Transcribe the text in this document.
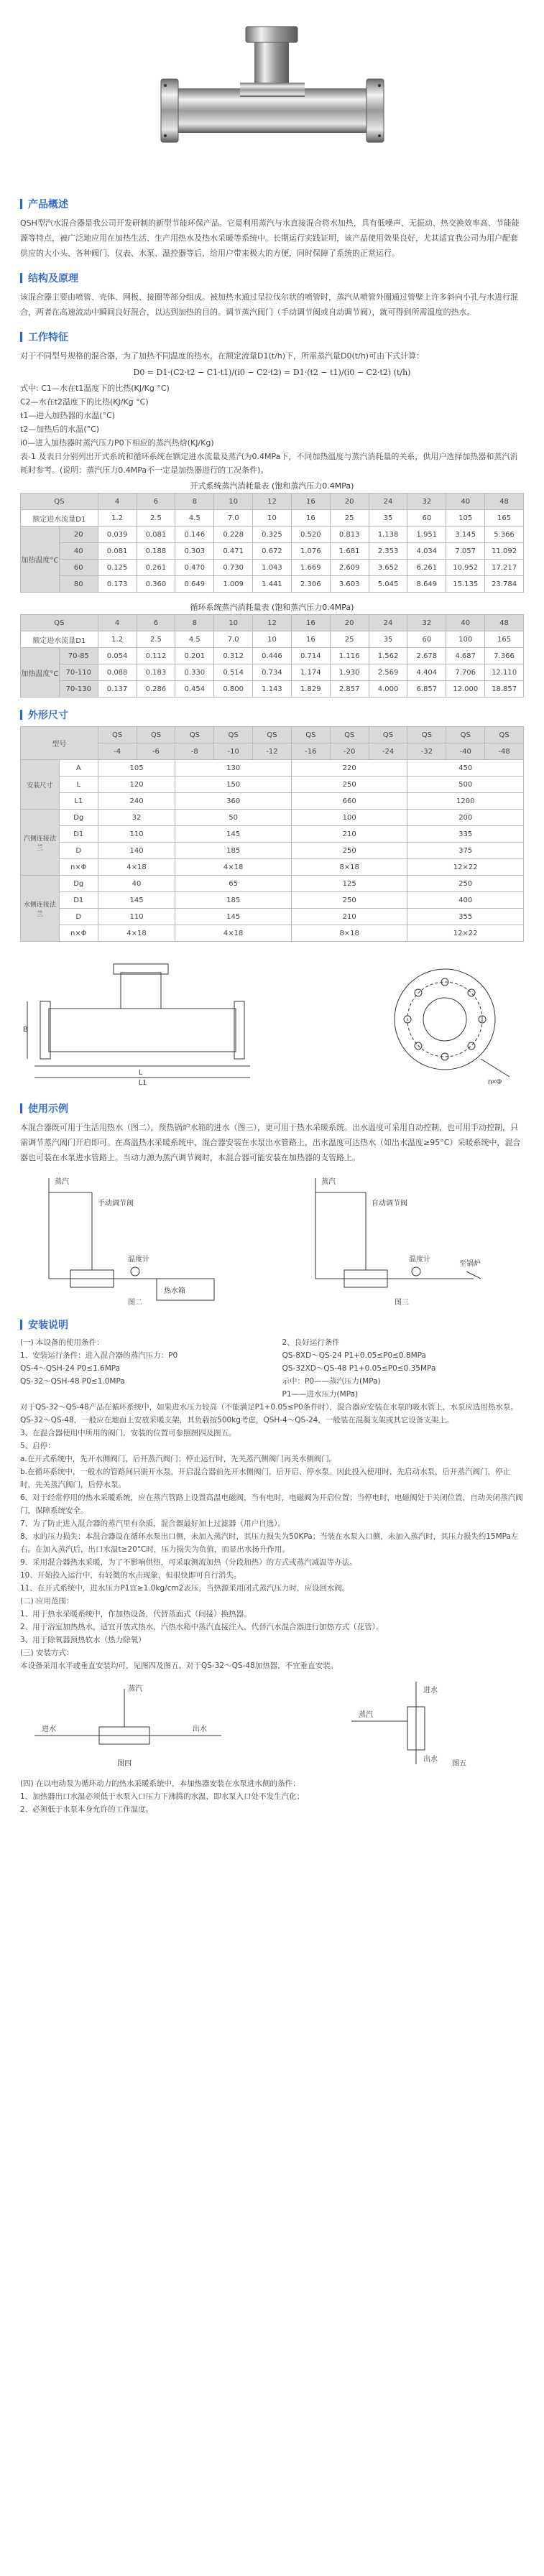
产品概述

QSH型汽水混合器是我公司开发研制的新型节能环保产品。它是利用蒸汽与水直接混合将水加热，具有低噪声、无振动、热交换效率高、节能能源等特点，被广泛地应用在加热生活、生产用热水及热水采暖等系统中。长期运行实践证明，该产品使用效果良好，尤其适宜我公司为用户配套供应的大小头、各种阀门、仪表、水泵、温控器等后，给用户带来极大的方便，同时保障了系统的正常运行。

结构及原理

该混合器主要由喷管、壳体、网板、接圈等部分组成。被加热水通过呈拉伐尔状的喷管时，蒸汽从喷管外圈通过管壁上许多斜向小孔与水进行混合，两者在高速流动中瞬间良好混合，以达到加热的目的。调节蒸汽阀门（手动调节阀或自动调节阀），就可得到所需温度的热水。

工作特征

对于不同型号规格的混合器，为了加热不同温度的热水，在额定流量D1(t/h)下，所需蒸汽量D0(t/h)可由下式计算：

D0 = D1·(C2·t2 − C1·t1)/(i0 − C2·t2) = D1·(t2 − t1)/(i0 − C2·t2) (t/h)

式中: C1—水在t1温度下的比热(KJ/Kg °C)

C2—水在t2温度下的比热(KJ/Kg °C)

t1—进入加热器的水温(°C)

t2—加热后的水温(°C)

i0—进入加热器时蒸汽压力P0下相应的蒸汽热焓(KJ/Kg)

表-1 及表日分别列出开式系统和循环系统在额定进水流量及蒸汽为0.4MPa下，不同加热温度与蒸汽消耗量的关系，供用户选择加热器和蒸汽消耗时参考。(说明：蒸汽压力0.4MPa不一定是加热器进行的工况条件)。

开式系统蒸汽消耗量表 (饱和蒸汽压力0.4MPa)
QS		4	6	8	10	12	16	20	24	32	40	48
额定进水流量D1		1.2	2.5	4.5	7.0	10	16	25	35	60	105	165
加热温度°C	20	0.039	0.081	0.146	0.228	0.325	0.520	0.813	1.138	1.951	3.145	5.366
	40	0.081	0.188	0.303	0.471	0.672	1.076	1.681	2.353	4.034	7.057	11.092
	60	0.125	0.261	0.470	0.730	1.043	1.669	2.609	3.652	6.261	10.952	17.217
	80	0.173	0.360	0.649	1.009	1.441	2.306	3.603	5.045	8.649	15.135	23.784
循环系统蒸汽消耗量表 (饱和蒸汽压力0.4MPa)
QS		4	6	8	10	12	16	20	24	32	40	48
额定进水流量D1		1.2	2.5	4.5	7.0	10	16	25	35	60	100	165
加热温度°C	70-85	0.054	0.112	0.201	0.312	0.446	0.714	1.116	1.562	2.678	4.687	7.366
	70-110	0.088	0.183	0.330	0.514	0.734	1.174	1.930	2.569	4.404	7.706	12.110
	70-130	0.137	0.286	0.454	0.800	1.143	1.829	2.857	4.000	6.857	12.000	18.857
外形尺寸
型号		QS	QS	QS	QS	QS	QS	QS	QS	QS	QS	QS
		-4	-6	-8	-10	-12	-16	-20	-24	-32	-40	-48
安装尺寸	A	105		130			220			450		
	L	120		150			250			500		
	L1	240		360			660			1200		
汽侧连接法兰	Dg	32		50			100			200		
	D1	110		145			210			335		
	D	140		185			250			375		
	n×Φ	4×18		4×18			8×18			12×22		
水侧连接法兰	Dg	40		65			125			250		
	D1	145		185			250			400		
	D	110		145			210			355		
	n×Φ	4×18		4×18			8×18			12×22		
B
L
L1	n×Φ
使用示例

本混合器既可用于生活用热水（图二），预热锅炉水箱的进水（图三），更可用于热水采暖系统。出水温度可采用自动控制，也可用手动控制，只需调节蒸汽阀门开启即可。在高温热水采暖系统中，混合器安装在水泵出水管路上，出水温度可达热水（如出水温度≥95°C）采暖系统中，混合器也可装在水泵进水管路上。当动力源为蒸汽调节阀时，本混合器可能安装在加热器的支管路上。

蒸汽
手动调节阀
温度计
热水箱
图二
蒸汽
自动调节阀
温度计
至锅炉
图三
安装说明

(一) 本设备的使用条件：

1、安装运行条件：进入混合器的蒸汽压力：P0

QS-4～QSH-24 P0≤1.6MPa

QS-32～QSH-48 P0≤1.0MPa

2、良好运行条件

QS-8XD～QS-24 P1+0.05≤P0≤0.8MPa

QS-32XD～QS-48 P1+0.05≤P0≤0.35MPa

示中：P0——蒸汽压力(MPa)

P1——进水压力(MPa)

对于QS-32～QS-48产品在循环系统中，如果进水压力较高（不能满足P1+0.05≤P0条件时），混合器应安装在水泵的吸水管上，水泵应选用热水泵。

QS-32～QS-48，一般应在地面上安放采暖支架，其负载按500kg考虑，QSH-4～QS-24，一般装在混凝支架或其它设备支架上。

3、在混合器使用中所用的阀门，安装的位置可参照图四及图五。

5、启停：

a.在开式系统中，先开水侧阀门，后开蒸汽阀门；停止运行时，先关蒸汽侧阀门再关水侧阀门。

b.在循环系统中，一般水的管路间只需开水泵，开启混合器前先开水侧阀门，后开启、停水泵。因此投入使用时，先启动水泵，后开蒸汽阀门，停止时，先关蒸汽阀门，后停水泵。

6、对于经常停用的热水采暖系统，应在蒸汽管路上设置高温电磁阀，当有电时，电磁阀为开启位置；当停电时，电磁阀处于关闭位置，自动关闭蒸汽阀门，保障系统安全。

7、为了防止进入混合器的蒸汽里有杂质，混合器最好加上过滤器（用户自选）。

8、水的压力损失：本混合器设在循环水泵出口侧，未加入蒸汽时，其压力损失为50KPa；当装在水泵入口侧，未加入蒸汽时，其压力损失约15MPa左右。在加入蒸汽后，出口水温t≥20°C时，压力损失为负值，而显出水扬升作用。

9、采用混合器热水采暖，为了不影响供热，可采取测流加热（分段加热）的方式或蒸汽减温等办法。

10、开始投入运行中，有轻微的水击现象，但很快即可自行消失。

11、在开式系统中，进水压力P1宜≥1.0kg/cm2表压，当热源采用闭式蒸汽压力时，应设回水阀。

(二) 应用范围：

1、用于热水采暖系统中，作加热设备，代替蒸面式（间接）换热器。

2、用于浴室加热热水，适宜开放式热水，汽热水箱中蒸汽直接注入，代替汽水混合器进行加热方式（花管）。

3、用于除氧器预热软水（热力除氧）

(三) 安装方式：

本设备采用水平或垂直安装均可，见图四及图五。对于QS-32～QS-48加热器，不宜垂直安装。

蒸汽
进水	出水
图四
蒸汽
进水
出水
图五

(四) 在以电动泵为循环动力的热水采暖系统中，本加热器安装在水泵进水侧的条件：

1、加热器出口水温必须低于水泵入口压力下沸腾的水温，即水泵入口处不发生汽化；

2、必须低于水泵本身允许的工作温度。
